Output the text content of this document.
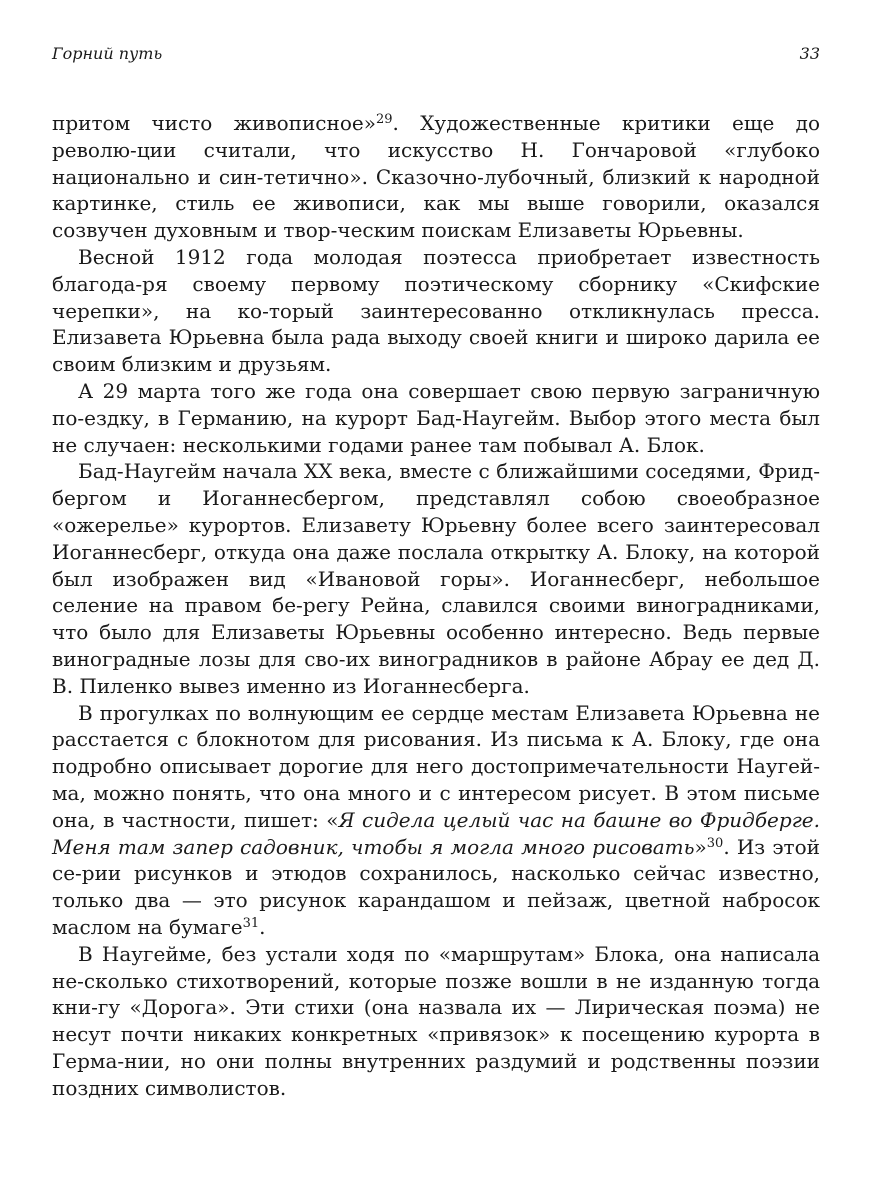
Горний путь	33

притом чисто живописное»$^{29}$. Художественные критики еще до револю-ции считали, что искусство Н. Гончаровой «глубоко национально и син-тетично». Сказочно-лубочный, близкий к народной картинке, стиль ее живописи, как мы выше говорили, оказался созвучен духовным и твор-ческим поискам Елизаветы Юрьевны.

Весной 1912 года молодая поэтесса приобретает известность благода-ря своему первому поэтическому сборнику «Скифские черепки», на ко-торый заинтересованно откликнулась пресса. Елизавета Юрьевна была рада выходу своей книги и широко дарила ее своим близким и друзьям.

А 29 марта того же года она совершает свою первую заграничную по-ездку, в Германию, на курорт Бад-Наугейм. Выбор этого места был не случаен: несколькими годами ранее там побывал А. Блок.

Бад-Наугейм начала XX века, вместе с ближайшими соседями, Фрид-бергом и Иоганнесбергом, представлял собою своеобразное «ожерелье» курортов. Елизавету Юрьевну более всего заинтересовал Иоганнесберг, откуда она даже послала открытку А. Блоку, на которой был изображен вид «Ивановой горы». Иоганнесберг, небольшое селение на правом бе-регу Рейна, славился своими виноградниками, что было для Елизаветы Юрьевны особенно интересно. Ведь первые виноградные лозы для сво-их виноградников в районе Абрау ее дед Д. В. Пиленко вывез именно из Иоганнесберга.

В прогулках по волнующим ее сердце местам Елизавета Юрьевна не расстается с блокнотом для рисования. Из письма к А. Блоку, где она подробно описывает дорогие для него достопримечательности Наугей-ма, можно понять, что она много и с интересом рисует. В этом письме она, в частности, пишет: «Я сидела целый час на башне во Фридберге. Меня там запер садовник, чтобы я могла много рисовать»$^{30}$. Из этой се-рии рисунков и этюдов сохранилось, насколько сейчас известно, только два — это рисунок карандашом и пейзаж, цветной набросок маслом на бумаге$^{31}$.

В Наугейме, без устали ходя по «маршрутам» Блока, она написала не-сколько стихотворений, которые позже вошли в не изданную тогда кни-гу «Дорога». Эти стихи (она назвала их — Лирическая поэма) не несут почти никаких конкретных «привязок» к посещению курорта в Герма-нии, но они полны внутренних раздумий и родственны поэзии поздних символистов.
